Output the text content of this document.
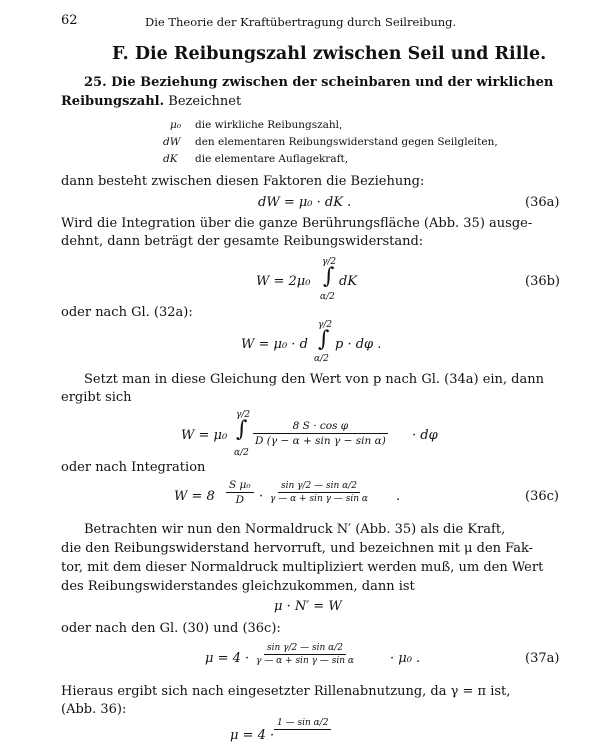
62	Die Theorie der Kraftübertragung durch Seilreibung.
F. Die Reibungszahl zwischen Seil und Rille.
25. Die Beziehung zwischen der scheinbaren und der wirklichen
Reibungszahl. Bezeichnet
μ₀ die wirkliche Reibungszahl,
dW den elementaren Reibungswiderstand gegen Seilgleiten,
dK die elementare Auflagekraft,
dann besteht zwischen diesen Faktoren die Beziehung:
dW = μ₀ · dK .	(36a)
Wird die Integration über die ganze Berührungsfläche (Abb. 35) ausge-
dehnt, dann beträgt der gesamte Reibungswiderstand:
W = 2μ₀
γ/2
∫
α/2
dK	(36b)
oder nach Gl. (32a):
W = μ₀ · d
γ/2
∫
α/2
p · dφ .
Setzt man in diese Gleichung den Wert von p nach Gl. (34a) ein, dann
ergibt sich
W = μ₀
γ/2
∫
α/2
$\frac{\text{8 S · cos φ}}{\text{D (γ − α + sin γ − sin α)}} \cdot d\varphi$
oder nach Integration
$W = 8 \frac{\text{S μ₀}}{D} \cdot \frac{\text{sin γ/2 — sin α/2}}{\text{γ — α + sin γ — sin α}}$ .	(36c)
Betrachten wir nun den Normaldruck N′ (Abb. 35) als die Kraft,
die den Reibungswiderstand hervorruft, und bezeichnen mit μ den Fak-
tor, mit dem dieser Normaldruck multipliziert werden muß, um den Wert
des Reibungswiderstandes gleichzukommen, dann ist
μ · N′ = W
oder nach den Gl. (30) und (36c):
$\mu = 4 \cdot \frac{\text{sin γ/2 — sin α/2}}{\text{γ — α + sin γ — sin α}}$	· μ₀ .	(37a)
Hieraus ergibt sich nach eingesetzter Rillenabnutzung, da γ = π ist,
(Abb. 36):
μ = 4 ·
1 — sin α/2
